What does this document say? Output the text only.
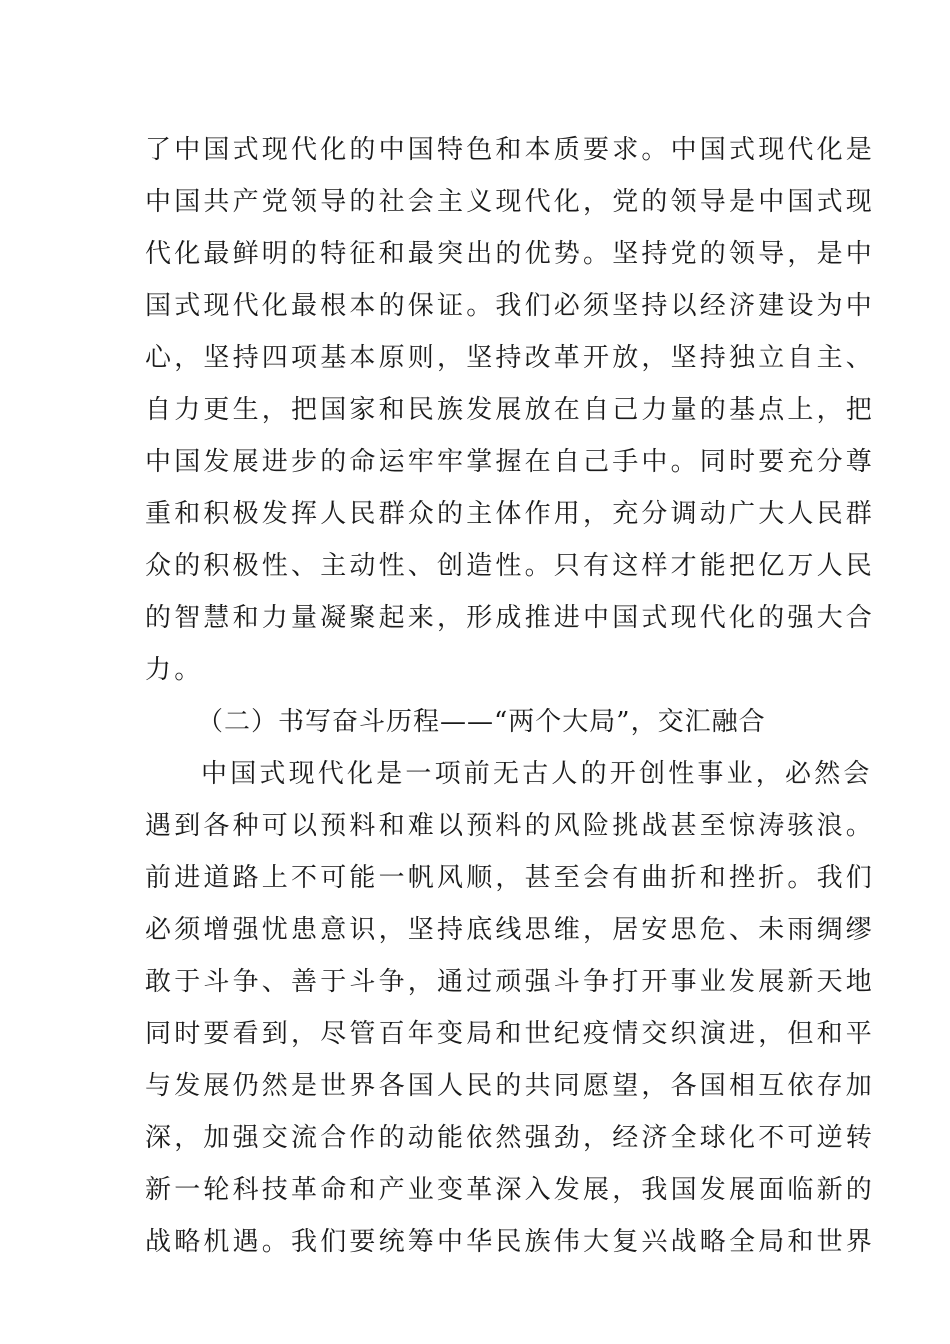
了中国式现代化的中国特色和本质要求。中国式现代化是
中国共产党领导的社会主义现代化，党的领导是中国式现
代化最鲜明的特征和最突出的优势。坚持党的领导，是中
国式现代化最根本的保证。我们必须坚持以经济建设为中
心，坚持四项基本原则，坚持改革开放，坚持独立自主、
自力更生，把国家和民族发展放在自己力量的基点上，把
中国发展进步的命运牢牢掌握在自己手中。同时要充分尊
重和积极发挥人民群众的主体作用，充分调动广大人民群
众的积极性、主动性、创造性。只有这样才能把亿万人民
的智慧和力量凝聚起来，形成推进中国式现代化的强大合
力。
（二）书写奋斗历程——“两个大局”，交汇融合
中国式现代化是一项前无古人的开创性事业，必然会
遇到各种可以预料和难以预料的风险挑战甚至惊涛骇浪。
前进道路上不可能一帆风顺，甚至会有曲折和挫折。我们
必须增强忧患意识，坚持底线思维，居安思危、未雨绸缪
敢于斗争、善于斗争，通过顽强斗争打开事业发展新天地
同时要看到，尽管百年变局和世纪疫情交织演进，但和平
与发展仍然是世界各国人民的共同愿望，各国相互依存加
深，加强交流合作的动能依然强劲，经济全球化不可逆转
新一轮科技革命和产业变革深入发展，我国发展面临新的
战略机遇。我们要统筹中华民族伟大复兴战略全局和世界
